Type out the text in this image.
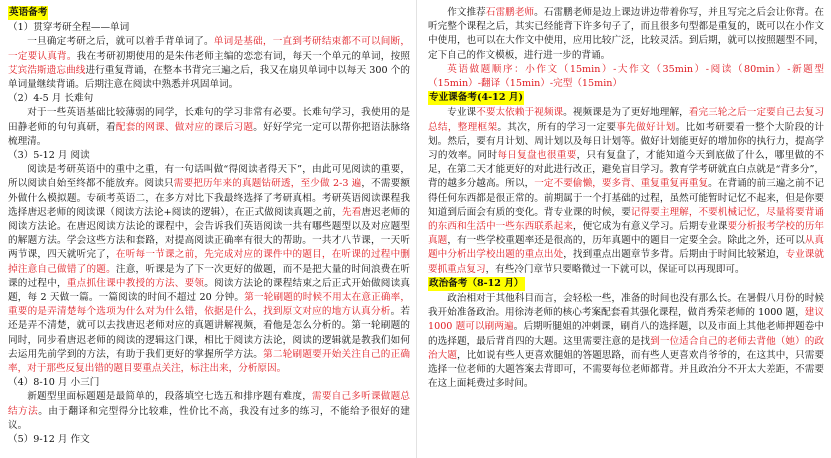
英语备考
（1）贯穿考研全程——单词

一旦确定考研之后，就可以着手背单词了。单词是基础，一直到考研结束都不可以间断，一定要认真背。我在考研初期使用的是朱伟老师主编的恋恋有词，每天一个单元的单词，按照艾宾浩斯遗忘曲线进行重复背诵，在整本书背完三遍之后，我又在扇贝单词中以每天 300 个的单词量继续背诵。后期注意在阅读中熟悉并巩固单词。

（2）4-5 月 长难句

对于一些英语基础比较薄弱的同学，长难句的学习非常有必要。长难句学习，我使用的是田静老师的句句真研，看配套的网课、做对应的课后习题。好好学完一定可以帮你把语法脉络梳理清。

（3）5-12 月 阅读

阅读是考研英语中的重中之重，有一句话叫做“得阅读者得天下”，由此可见阅读的重要，所以阅读自始至终都不能放弃。阅读只需要把历年来的真题钻研透，至少做 2-3 遍，不需要额外做什么模拟题。专硕考英语二，在多方对比下我最终选择了考研真相。考研英语阅读课程我选择唐迟老师的阅读课（阅读方法论+阅读的逻辑），在正式做阅读真题之前，先看唐迟老师的阅读方法论。在唐迟阅读方法论的课程中，会告诉我们英语阅读一共有哪些题型以及对应题型的解题方法。学会这些方法和套路，对提高阅读正确率有很大的帮助。一共才八节课，一天听两节课，四天就听完了，在听每一节课之前，先完成对应的课件中的题目，在听课的过程中删掉注意自己做错了的题。注意，听课是为了下一次更好的做题，而不是把大量的时间浪费在听课的过程中，重点抓住课中教授的方法、要领。阅读方法论的课程结束之后正式开始做阅读真题，每 2 天做一篇。一篇阅读的时间不超过 20 分钟。第一轮刷题的时候不用太在意正确率，重要的是弄清楚每个选项为什么对为什么错，依据是什么，找到原文对应的地方认真分析。若还是弄不清楚，就可以去找唐迟老师对应的真题讲解视频，看他是怎么分析的。第一轮刷题的同时，同步看唐迟老师的阅读的逻辑这门课，相比于阅读方法论，阅读的逻辑就是教我们如何去运用先前学到的方法，有助于我们更好的掌握所学方法。第二轮刷题要开始关注自己的正确率，对于那些反复出错的题目要重点关注，标注出来，分析原因。

（4）8-10 月 小三门

新题型里面标题题是最简单的，段落填空七选五和排序题有难度，需要自己多听课做题总结方法。由于翻译和完型得分比较难，性价比不高，我没有过多的练习，不能给予很好的建议。

（5）9-12 月 作文

作文推荐石雷鹏老师。石雷鹏老师是边上课边讲边带着你写，并且写完之后会让你背。在听完整个课程之后，其实已经能背下许多句子了，而且很多句型都是重复的，既可以在小作文中使用，也可以在大作文中使用，应用比较广泛，比较灵活。到后期，就可以按照题型不同，定下自己的作文模板，进行进一步的背诵。

英语做题顺序：小作文（15min）-大作文（35min）-阅读（80min）-新题型（15min）-翻译（15min）-完型（15min）

专业课备考(4-12 月)

专业课不要太依赖于视频课。视频课是为了更好地理解，看完三轮之后一定要自己去复习总结，整理框架。其次，所有的学习一定要事先做好计划。比如考研要看一整个大阶段的计划。然后，要有月计划、周计划以及每日计划等。做好计划能更好的增加你的执行力，提高学习的效率。同时每日复盘也很重要，只有复盘了，才能知道今天到底做了什么，哪里做的不足，在第二天才能更好的对此进行改正，避免盲目学习。教育学考研就直白点就是“背多分”，背的越多分越高。所以，一定不要偷懒，要多背、重复重复再重复。在背诵的前三遍之前不记得任何东西都是很正常的。前期属于一个打基础的过程，虽然可能暂时记忆不起来，但是你要知道到后面会有质的变化。背专业课的时候，要记得要主理解，不要机械记忆，尽量将要背诵的东西和生活中一些东西联系起来，便它成为有意义学习。后期专业课要分析报考学校的历年真题，有一些学校重题率还是很高的，历年真题中的题目一定要全会。除此之外，还可以从真题中分析出学校出题的重点出处，找到重点出题章节多背。后期由于时间比较紧迫，专业课就要抓重点复习，有些冷门章节只要略微过一下就可以，保证可以再现即可。

政治备考（8-12 月）

政治相对于其他科目而言，会轻松一些，准备的时间也没有那么长。在暑假八月份的时候我开始准备政治。用徐涛老师的核心考案配套看其强化课程，做肖秀荣老师的 1000 题，建议 1000 题可以刷两遍。后期听腿姐的冲刺课，刷肖八的选择题，以及市面上其他老师押题卷中的选择题，最后背肖四的大题。这里需要注意的是找到一位适合自己的老师去背他（她）的政治大题，比如说有些人更喜欢腿姐的答题思路，而有些人更喜欢肖爷爷的，在这其中，只需要选择一位老师的大题答案去背即可，不需要每位老师都背。并且政治分不开太大差距，不需要在这上面耗费过多时间。
